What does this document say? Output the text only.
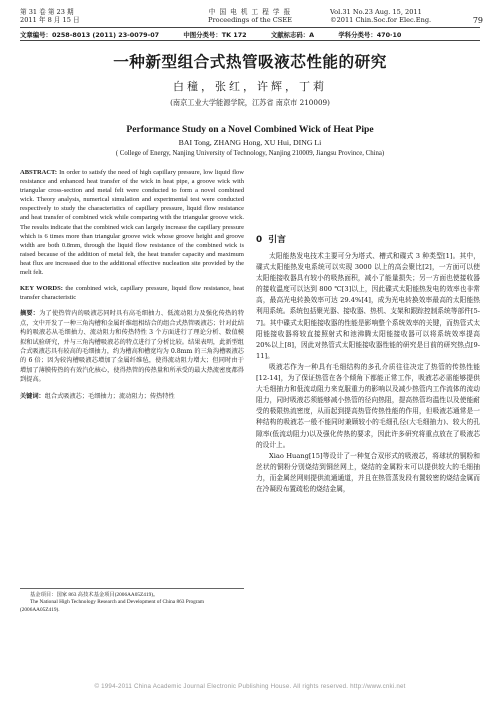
第 31 卷 第 23 期
2011 年 8 月 15 日
中 国 电 机 工 程 学 报
Proceedings of the CSEE
Vol.31 No.23 Aug. 15, 2011
©2011 Chin.Soc.for Elec.Eng.	79
文章编号：0258-8013 (2011) 23-0079-07	中图分类号：TK 172	文献标志码：A	学科分类号：470·10
一种新型组合式热管吸液芯性能的研究
白穜，张红，许辉，丁莉
(南京工业大学能源学院，江苏省 南京市 210009)
Performance Study on a Novel Combined Wick of Heat Pipe
BAI Tong, ZHANG Hong, XU Hui, DING Li
( College of Energy, Nanjing University of Technology, Nanjing 210009, Jiangsu Province, China)

ABSTRACT: In order to satisfy the need of high capillary pressure, low liquid flow resistance and enhanced heat transfer of the wick in heat pipe, a groove wick with triangular cross-section and metal felt were conducted to form a novel combined wick. Theory analysis, numerical simulation and experimental test were conducted respectively to study the characteristics of capillary pressure, liquid flow resistance and heat transfer of combined wick while comparing with the triangular groove wick. The results indicate that the combined wick can largely increase the capillary pressure which is 6 times more than triangular groove wick whose groove height and groove width are both 0.8mm, through the liquid flow resistance of the combined wick is raised because of the addition of metal felt, the heat transfer capacity and maximum heat flux are increased due to the additional effective nucleation site provided by the melt felt.

KEY WORDS: the combined wick, capillary pressure, liquid flow resistance, heat transfer characteristic

摘要：为了使热管内的吸液芯同时具有高毛细抽力、低流动阻力及强化传热的特点，文中开发了一种三角沟槽和金属纤维组相结合的组合式热管吸液芯；针对此结构的吸液芯从毛细抽力、流动阻力和传热特性 3 个方面进行了理论分析、数值模拟和试验研究，并与三角沟槽吸液芯的特点进行了分析比较。结果表明，此新型组合式吸液芯具有较高的毛细抽力，约为槽高和槽宽均为 0.8mm 的三角沟槽吸液芯的 6 倍；因为较沟槽吸液芯增加了金属纤维毡，使得流动阻力增大；但同时由于增加了薄膜传热的有效汽化核心，使得热管的传热量和所承受的最大热流密度都得到提高。

关键词：组合式吸液芯；毛细抽力；流动阻力；传热特性

基金项目：国家 863 高技术基金项目(2006AA05Z419)。

The National High Technology Research and Development of China 863 Program (2006AA05Z419).

0 引言

太阳能热发电技术主要可分为塔式、槽式和碟式 3 种类型[1]。其中，碟式太阳能热发电系统可以实现 3000 以上的高会聚比[2]，一方面可以使太阳能接收器具有较小的吸热面积，减小了能量损失；另一方面也使接收器的接收温度可以达到 800 ℃[3]以上，因此碟式太阳能热发电的效率也非常高，最高光电转换效率可达 29.4%[4]，成为光电转换效率最高的太阳能热利用系统。系统包括聚光器、接收器、热机、支架和跟踪控制系统等部件[5-7]。其中碟式太阳能接收器的性能是影响整个系统效率的关键，而热管式太阳能接收器将较直接照射式和池沸腾太阳能接收器可以将系统效率提高 20%以上[8]，因此对热管式太阳能接收器性能的研究是目前的研究热点[9-11]。

吸液芯作为一种具有毛细结构的多孔介质往往决定了热管的传热性能[12-14]，为了保证热管在各个倾角下都能正常工作，吸液芯必需能够提供大毛细抽力和低流动阻力来克服重力的影响以及减少热管内工作流体的流动阻力，同时吸液芯须能够减小热管的径向热阻，提高热管均温性以及使能耐受的极限热流密度，从而起到提高热管传热性能的作用，但吸液芯通常是一种结构的吸液芯一般不能同时兼顾较小的毛细孔径(大毛细抽力)、较大的孔隙率(低流动阻力)以及强化传热的要求，因此许多研究将重点放在了吸液芯的设计上。

Xiao Huang[15]等设计了一种复合双形式的吸液芯，将球状的铜粉和丝状的铜粉分别烧结到铜丝网上，烧结的金属粉末可以提供较大的毛细抽力，而金属丝网则提供流通通道，并且在热管蒸发段有置较密的烧结金属而在冷凝段布置疏松的烧结金属，

© 1994-2011 China Academic Journal Electronic Publishing House. All rights reserved. http://www.cnki.net
